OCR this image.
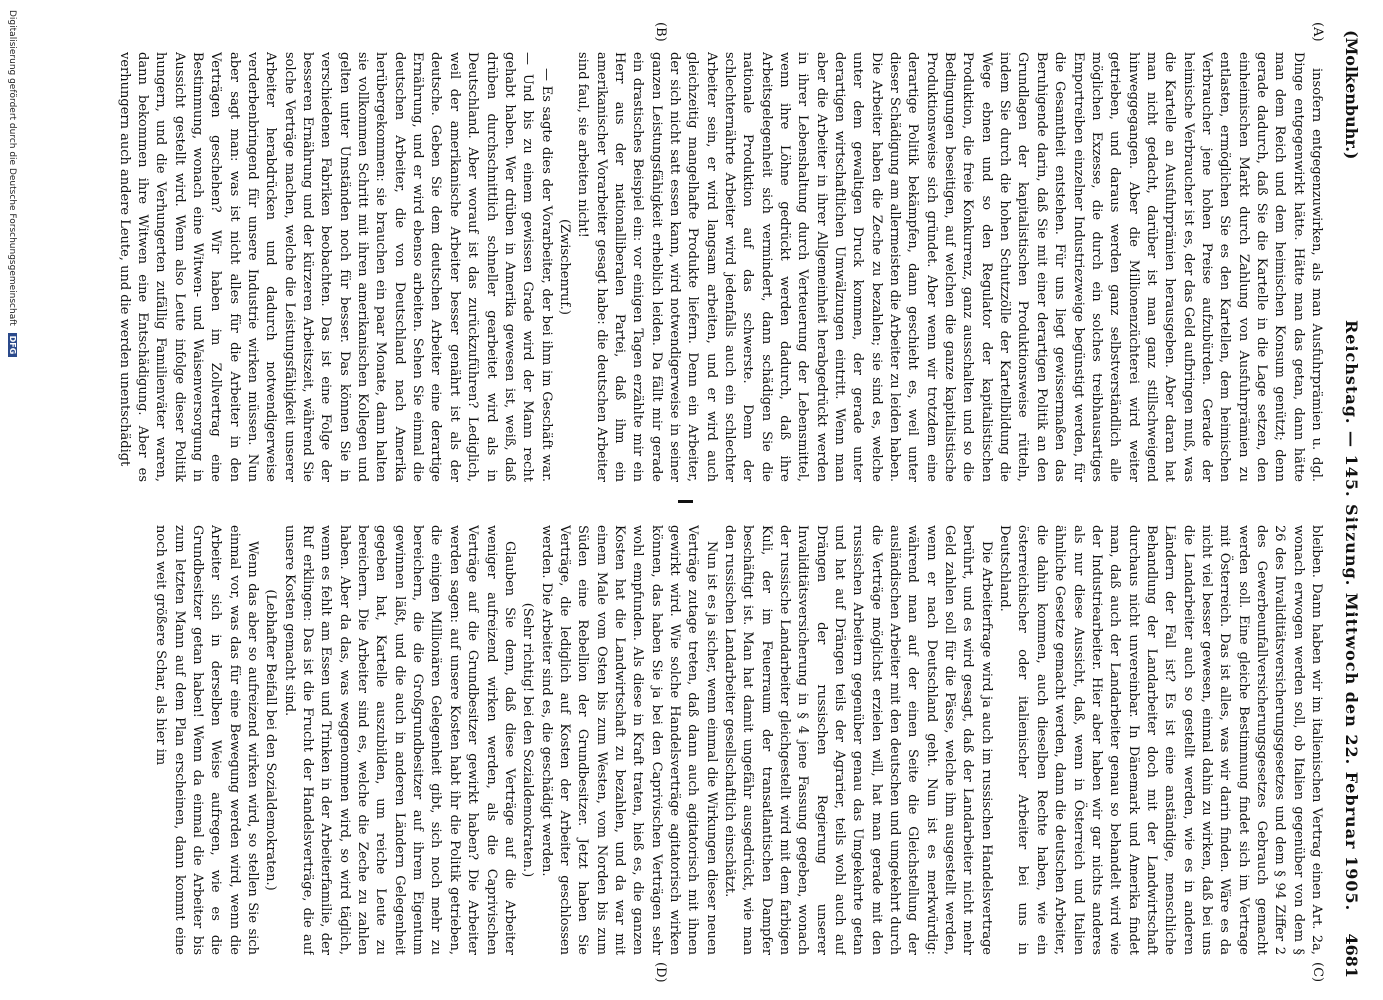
(Molkenbuhr.)
Reichstag. — 145. Sitzung. Mittwoch den 22. Februar 1905.
4681
(A)
(B)
(C)
(D)

insofern entgegenzuwirken, als man Ausfuhrprämien u. dgl. Dinge entgegenwirkt hätte. Hätte man das getan, dann hätte man dem Reich und dem heimischen Konsum genützt; denn gerade dadurch, daß Sie die Kartelle in die Lage setzen, den einheimischen Markt durch Zahlung von Ausfuhrprämien zu entlasten, ermöglichen Sie es den Kartellen, dem heimischen Verbraucher jene hohen Preise aufzubürden. Gerade der heimische Verbraucher ist es, der das Geld aufbringen muß, was die Kartelle an Ausfuhrprämien herausgeben. Aber daran hat man nicht gedacht, darüber ist man ganz stillschweigend hinweggegangen. Aber die Millionenzüchterei wird weiter getrieben, und daraus werden ganz selbstverständlich alle möglichen Exzesse, die durch ein solches treibhausartiges Emportreiben einzelner Industriezweige begünstigt werden, für die Gesamtheit entstehen. Für uns liegt gewissermaßen das Beruhigende darin, daß Sie mit einer derartigen Politik an den Grundlagen der kapitalistischen Produktionsweise rütteln, indem Sie durch die hohen Schutzzölle der Kartellbildung die Wege ebnen und so den Regulator der kapitalistischen Produktion, die freie Konkurrenz, ganz ausschalten und so die Bedingungen beseitigen, auf welchen die ganze kapitalistische Produktionsweise sich gründet. Aber wenn wir trotzdem eine derartige Politik bekämpfen, dann geschieht es, weil unter dieser Schädigung am allermeisten die Arbeiter zu leiden haben. Die Arbeiter haben die Zeche zu bezahlen; sie sind es, welche unter dem gewaltigen Druck kommen, der gerade unter derartigen wirtschaftlichen Umwälzungen eintritt. Wenn man aber die Arbeiter in ihrer Allgemeinheit herabgedrückt werden in ihrer Lebenshaltung durch Verteuerung der Lebensmittel, wenn ihre Löhne gedrückt werden dadurch, daß ihre Arbeitsgelegenheit sich vermindert, dann schädigen Sie die nationale Produktion auf das schwerste. Denn der schlechternährte Arbeiter wird jedenfalls auch ein schlechter Arbeiter sein, er wird langsam arbeiten, und er wird auch gleichzeitig mangelhafte Produkte liefern. Denn ein Arbeiter, der sich nicht satt essen kann, wird notwendigerweise in seiner ganzen Leistungsfähigkeit erheblich leiden. Da fällt mir gerade ein drastisches Beispiel ein: vor einigen Tagen erzählte mir ein Herr aus der nationalliberalen Partei, daß ihm ein amerikanischer Vorarbeiter gesagt habe: die deutschen Arbeiter sind faul, sie arbeiten nicht!

(Zwischenruf.)

— Es sagte dies der Vorarbeiter, der bei ihm im Geschäft war. — Und bis zu einem gewissen Grade wird der Mann recht gehabt haben. Wer drüben in Amerika gewesen ist, weiß, daß drüben durchschnittlich schneller gearbeitet wird als in Deutschland. Aber worauf ist das zurückzuführen? Lediglich, weil der amerikanische Arbeiter besser genährt ist als der deutsche. Geben Sie dem deutschen Arbeiter eine derartige Ernährung, und er wird ebenso arbeiten. Sehen Sie einmal die deutschen Arbeiter, die von Deutschland nach Amerika herübergekommen: sie brauchen ein paar Monate, dann halten sie vollkommen Schritt mit ihren amerikanischen Kollegen und gelten unter Umständen noch für besser. Das können Sie in verschiedenen Fabriken beobachten. Das ist eine Folge der besseren Ernährung und der kürzeren Arbeitszeit, während Sie solche Verträge machen, welche die Leistungsfähigkeit unserer Arbeiter herabdrücken und dadurch notwendigerweise verderbenbringend für unsere Industrie wirken müssen. Nun aber sagt man: was ist nicht alles für die Arbeiter in den Verträgen geschehen? Wir haben im Zollvertrag eine Bestimmung, wonach eine Witwen- und Waisenversorgung in Aussicht gestellt wird. Wenn also Leute infolge dieser Politik hungern, und die Verhungerten zufällig Familienväter waren, dann bekommen ihre Witwen eine Entschädigung. Aber es verhungern auch andere Leute, und die werden unentschädigt

bleiben. Dann haben wir im italienischen Vertrag einen Art. 2a, wonach erwogen werden soll, ob Italien gegenüber von dem § 26 des Invaliditätsversicherungsgesetzes und dem § 94 Ziffer 2 des Gewerbeunfallversicherungsgesetzes Gebrauch gemacht werden soll. Eine gleiche Bestimmung findet sich im Vertrage mit Österreich. Das ist alles, was wir darin finden. Wäre es da nicht viel besser gewesen, einmal dahin zu wirken, daß bei uns die Landarbeiter auch so gestellt werden, wie es in anderen Ländern der Fall ist? Es ist eine anständige, menschliche Behandlung der Landarbeiter doch mit der Landwirtschaft durchaus nicht unvereinbar. In Dänemark und Amerika findet man, daß auch der Landarbeiter genau so behandelt wird wie der Industriearbeiter. Hier aber haben wir gar nichts anderes als nur diese Aussicht, daß, wenn in Österreich und Italien ähnliche Gesetze gemacht werden, dann die deutschen Arbeiter, die dahin kommen, auch dieselben Rechte haben, wie ein österreichischer oder italienischer Arbeiter bei uns in Deutschland.

Die Arbeiterfrage wird ja auch im russischen Handelsvertrage berührt, und es wird gesagt, daß der Landarbeiter nicht mehr Geld zahlen soll für die Pässe, welche ihm ausgestellt werden, wenn er nach Deutschland geht. Nun ist es merkwürdig: während man auf der einen Seite die Gleichstellung der ausländischen Arbeiter mit den deutschen und umgekehrt durch die Verträge möglichst erzielen will, hat man gerade mit den russischen Arbeitern gegenüber genau das Umgekehrte getan und hat auf Drängen teils der Agrarier, teils wohl auch auf Drängen der russischen Regierung unserer Invaliditätsversicherung in § 4 jene Fassung gegeben, wonach der russische Landarbeiter gleichgestellt wird mit dem farbigen Kuli, der im Feuerraum der transatlantischen Dampfer beschäftigt ist. Man hat damit ungefähr ausgedrückt, wie man den russischen Landarbeiter gesellschaftlich einschätzt.

Nun ist es ja sicher, wenn einmal die Wirkungen dieser neuen Verträge zutage treten, daß dann auch agitatorisch mit ihnen gewirkt wird. Wie solche Handelsverträge agitatorisch wirken können, das haben Sie ja bei den Caprivischen Verträgen sehr wohl empfunden. Als diese in Kraft traten, hieß es, die ganzen Kosten hat die Landwirtschaft zu bezahlen, und da war mit einem Male vom Osten bis zum Westen, vom Norden bis zum Süden eine Rebellion der Grundbesitzer. Jetzt haben Sie Verträge, die lediglich auf Kosten der Arbeiter geschlossen werden. Die Arbeiter sind es, die geschädigt werden.

(Sehr richtig! bei den Sozialdemokraten.)

Glauben Sie denn, daß diese Verträge auf die Arbeiter weniger aufreizend wirken werden, als die Caprivischen Verträge auf die Grundbesitzer gewirkt haben? Die Arbeiter werden sagen: auf unsere Kosten habt ihr die Politik getrieben, die einigen Millionären Gelegenheit gibt, sich noch mehr zu bereichern, die die Großgrundbesitzer auf ihrem Eigentum gewinnen läßt, und die auch in anderen Ländern Gelegenheit gegeben hat, Kartelle auszubilden, um reiche Leute zu bereichern. Die Arbeiter sind es, welche die Zeche zu zahlen haben. Aber da das, was weggenommen wird, so wird täglich, wenn es fehlt am Essen und Trinken in der Arbeiterfamilie, der Ruf erklingen: Das ist die Frucht der Handelsverträge, die auf unsere Kosten gemacht sind.

(Lebhafter Beifall bei den Sozialdemokraten.)

Wenn das aber so aufreizend wirken wird, so stellen Sie sich einmal vor, was das für eine Bewegung werden wird, wenn die Arbeiter sich in derselben Weise aufregen, wie es die Grundbesitzer getan haben! Wenn da einmal die Arbeiter bis zum letzten Mann auf dem Plan erscheinen, dann kommt eine noch weit größere Schar, als hier im

Digitalisierung gefördert durch die Deutsche Forschungsgemeinschaft DFG
